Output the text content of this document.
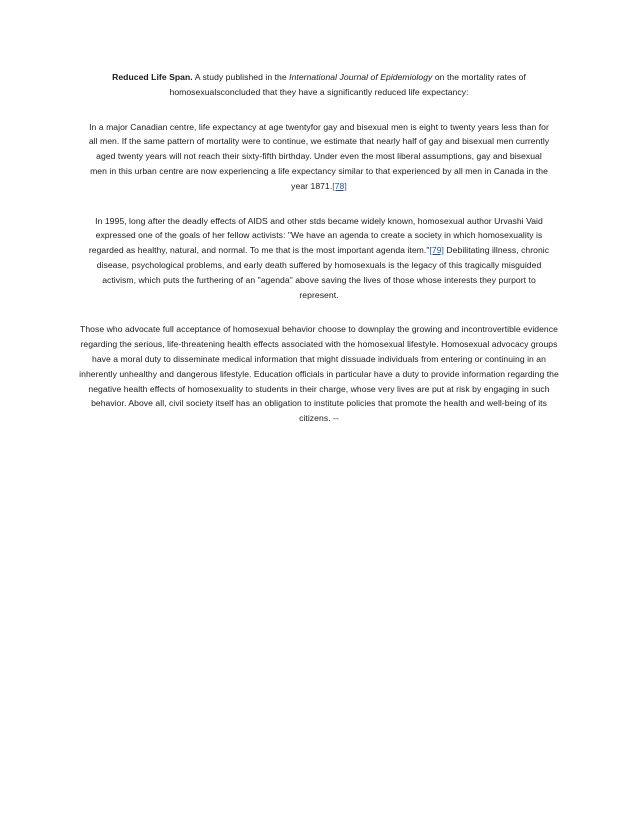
Reduced Life Span. A study published in the International Journal of Epidemiology on the mortality rates of homosexualsconcluded that they have a significantly reduced life expectancy:

In a major Canadian centre, life expectancy at age twentyfor gay and bisexual men is eight to twenty years less than for all men. If the same pattern of mortality were to continue, we estimate that nearly half of gay and bisexual men currently aged twenty years will not reach their sixty-fifth birthday. Under even the most liberal assumptions, gay and bisexual men in this urban centre are now experiencing a life expectancy similar to that experienced by all men in Canada in the year 1871.[78]

In 1995, long after the deadly effects of AIDS and other stds became widely known, homosexual author Urvashi Vaid expressed one of the goals of her fellow activists: "We have an agenda to create a society in which homosexuality is regarded as healthy, natural, and normal. To me that is the most important agenda item."[79] Debilitating illness, chronic disease, psychological problems, and early death suffered by homosexuals is the legacy of this tragically misguided activism, which puts the furthering of an "agenda" above saving the lives of those whose interests they purport to represent.

Those who advocate full acceptance of homosexual behavior choose to downplay the growing and incontrovertible evidence regarding the serious, life-threatening health effects associated with the homosexual lifestyle. Homosexual advocacy groups have a moral duty to disseminate medical information that might dissuade individuals from entering or continuing in an inherently unhealthy and dangerous lifestyle. Education officials in particular have a duty to provide information regarding the negative health effects of homosexuality to students in their charge, whose very lives are put at risk by engaging in such behavior. Above all, civil society itself has an obligation to institute policies that promote the health and well-being of its citizens. --
